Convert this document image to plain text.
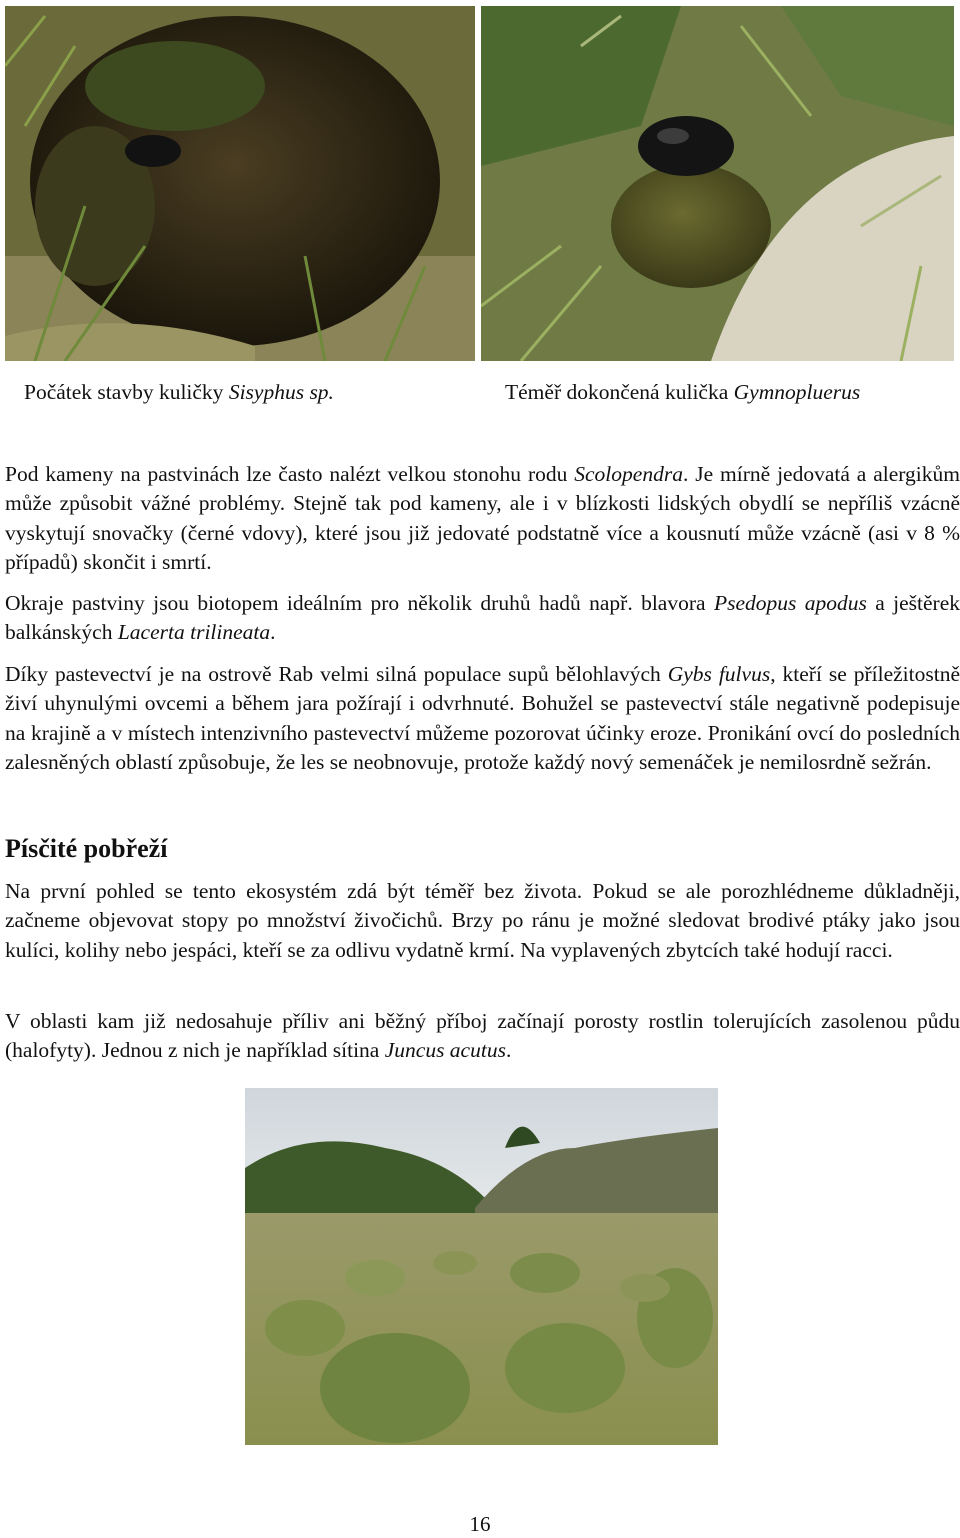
Počátek stavby kuličky Sisyphus sp.	Téměř dokončená kulička Gymnopluerus

Pod kameny na pastvinách lze často nalézt velkou stonohu rodu Scolopendra. Je mírně jedovatá a alergikům může způsobit vážné problémy. Stejně tak pod kameny, ale i v blízkosti lidských obydlí se nepříliš vzácně vyskytují snovačky (černé vdovy), které jsou již jedovaté podstatně více a kousnutí může vzácně (asi v 8 % případů) skončit i smrtí.

Okraje pastviny jsou biotopem ideálním pro několik druhů hadů např. blavora Psedopus apodus a ještěrek balkánských Lacerta trilineata.

Díky pastevectví je na ostrově Rab velmi silná populace supů bělohlavých Gybs fulvus, kteří se příležitostně živí uhynulými ovcemi a během jara požírají i odvrhnuté. Bohužel se pastevectví stále negativně podepisuje na krajině a v místech intenzivního pastevectví můžeme pozorovat účinky eroze. Pronikání ovcí do posledních zalesněných oblastí způsobuje, že les se neobnovuje, protože každý nový semenáček je nemilosrdně sežrán.

Písčité pobřeží

Na první pohled se tento ekosystém zdá být téměř bez života. Pokud se ale porozhlédneme důkladněji, začneme objevovat stopy po množství živočichů. Brzy po ránu je možné sledovat brodivé ptáky jako jsou kulíci, kolihy nebo jespáci, kteří se za odlivu vydatně krmí. Na vyplavených zbytcích také hodují racci.

V oblasti kam již nedosahuje příliv ani běžný příboj začínají porosty rostlin tolerujících zasolenou půdu (halofyty). Jednou z nich je například sítina Juncus acutus.

16
